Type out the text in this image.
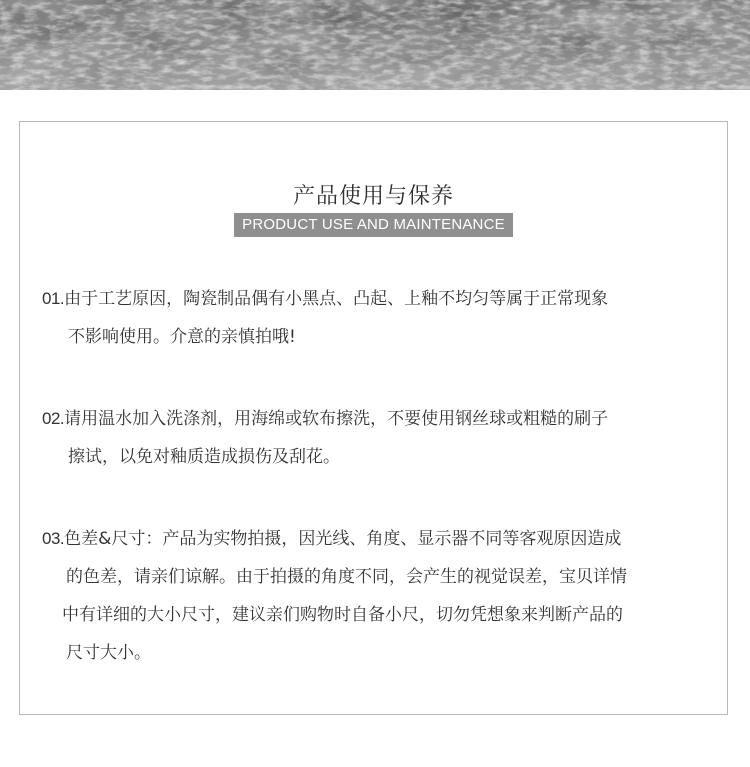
产品使用与保养
PRODUCT USE AND MAINTENANCE

01.由于工艺原因，陶瓷制品偶有小黑点、凸起、上釉不均匀等属于正常现象
不影响使用。介意的亲慎拍哦!

02.请用温水加入洗涤剂，用海绵或软布擦洗，不要使用钢丝球或粗糙的刷子
擦试，以免对釉质造成损伤及刮花。

03.色差&尺寸：产品为实物拍摄，因光线、角度、显示器不同等客观原因造成
的色差，请亲们谅解。由于拍摄的角度不同，会产生的视觉误差，宝贝详情
中有详细的大小尺寸，建议亲们购物时自备小尺，切勿凭想象来判断产品的
尺寸大小。
